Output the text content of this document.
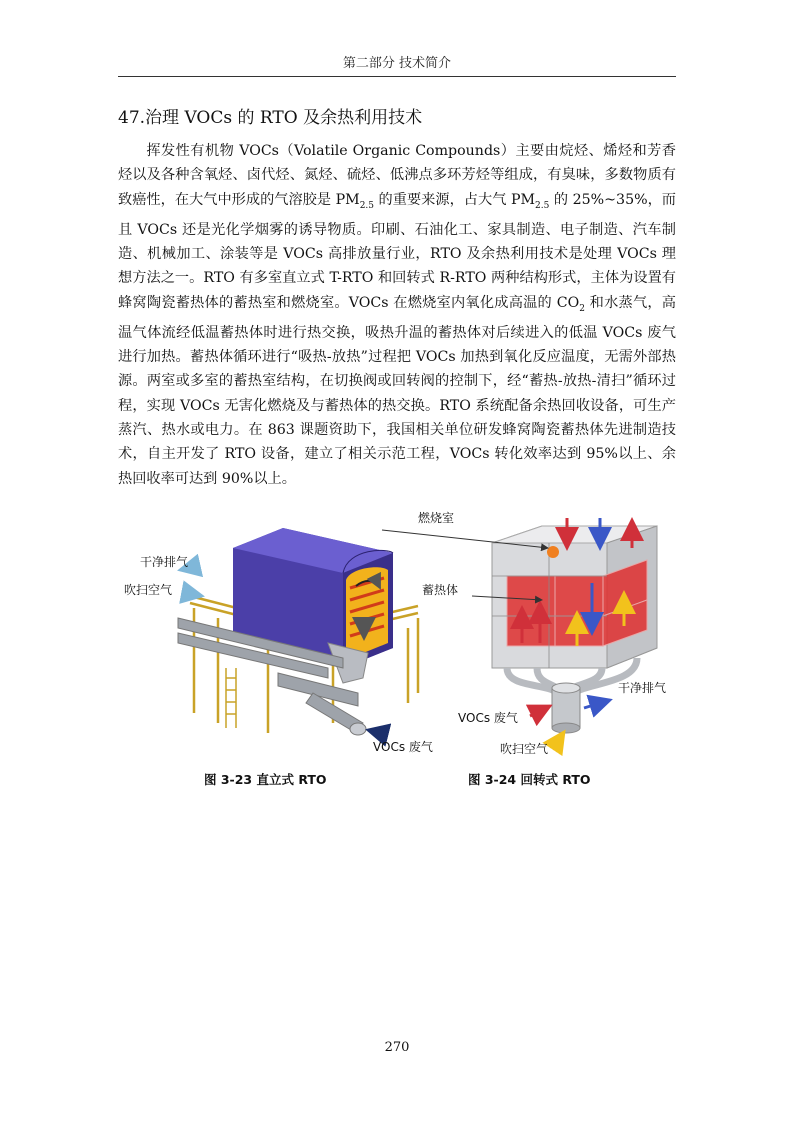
第二部分 技术简介
47.治理 VOCs 的 RTO 及余热利用技术

挥发性有机物 VOCs（Volatile Organic Compounds）主要由烷烃、烯烃和芳香烃以及各种含氧烃、卤代烃、氮烃、硫烃、低沸点多环芳烃等组成，有臭味，多数物质有致癌性，在大气中形成的气溶胶是 $PM_{2.5}$ 的重要来源，占大气 $PM_{2.5}$ 的 25%~35%，而且 VOCs 还是光化学烟雾的诱导物质。印刷、石油化工、家具制造、电子制造、汽车制造、机械加工、涂装等是 VOCs 高排放量行业，RTO 及余热利用技术是处理 VOCs 理想方法之一。RTO 有多室直立式 T-RTO 和回转式 R-RTO 两种结构形式，主体为设置有蜂窝陶瓷蓄热体的蓄热室和燃烧室。VOCs 在燃烧室内氧化成高温的 $CO_2$ 和水蒸气，高温气体流经低温蓄热体时进行热交换，吸热升温的蓄热体对后续进入的低温 VOCs 废气进行加热。蓄热体循环进行“吸热-放热”过程把 VOCs 加热到氧化反应温度，无需外部热源。两室或多室的蓄热室结构，在切换阀或回转阀的控制下，经“蓄热-放热-清扫”循环过程，实现 VOCs 无害化燃烧及与蓄热体的热交换。RTO 系统配备余热回收设备，可生产蒸汽、热水或电力。在 863 课题资助下，我国相关单位研发蜂窝陶瓷蓄热体先进制造技术，自主开发了 RTO 设备，建立了相关示范工程，VOCs 转化效率达到 95%以上、余热回收率可达到 90%以上。

干净排气
吹扫空气
VOCs 废气
燃烧室
蓄热体
干净排气
VOCs 废气
吹扫空气
图 3-23 直立式 RTO	图 3-24 回转式 RTO
270
